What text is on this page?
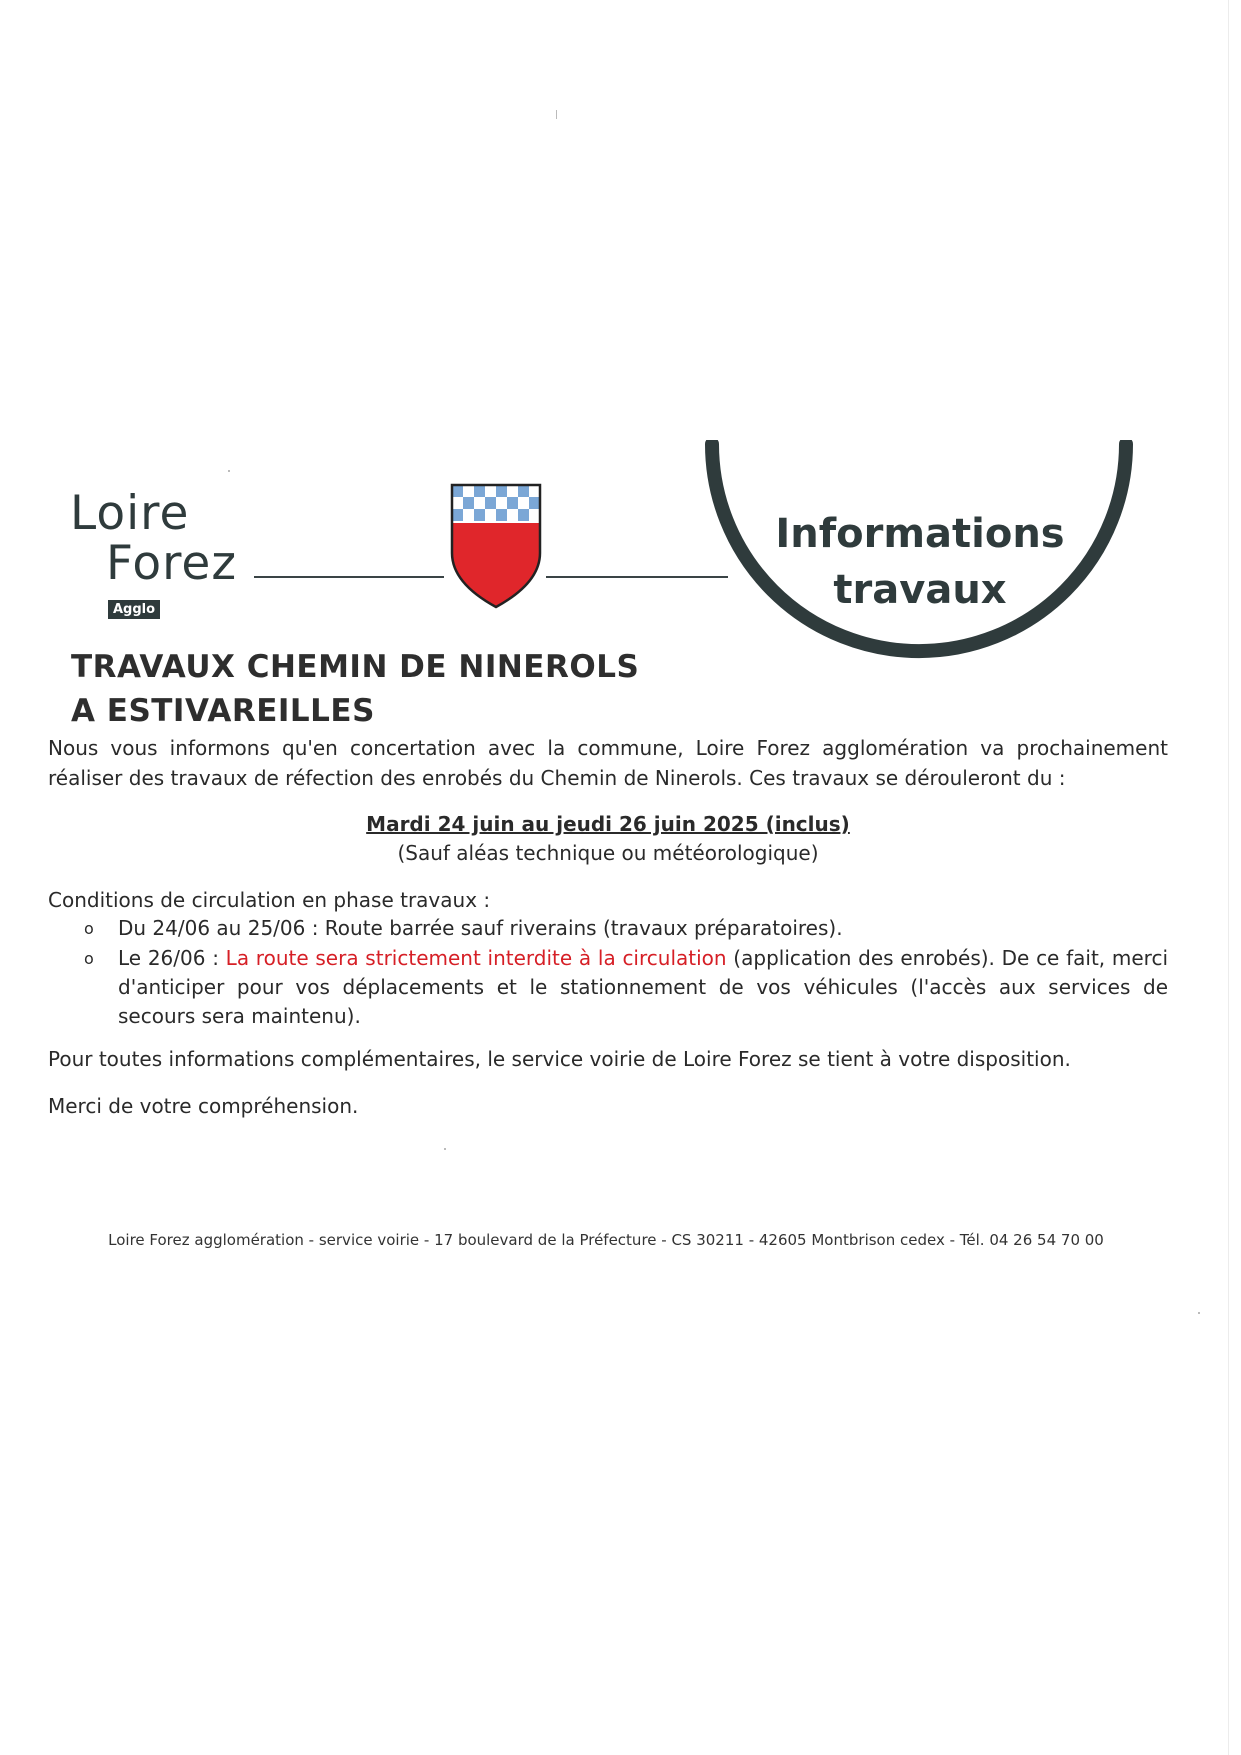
Loire
Forez
Agglo
Informations
travaux
TRAVAUX CHEMIN DE NINEROLS
A ESTIVAREILLES

Nous vous informons qu'en concertation avec la commune, Loire Forez agglomération va prochainement réaliser des travaux de réfection des enrobés du Chemin de Ninerols. Ces travaux se dérouleront du :

Mardi 24 juin au jeudi 26 juin 2025 (inclus)
(Sauf aléas technique ou météorologique)

Conditions de circulation en phase travaux :

o Du 24/06 au 25/06 : Route barrée sauf riverains (travaux préparatoires).
o Le 26/06 : La route sera strictement interdite à la circulation (application des enrobés). De ce fait, merci d'anticiper pour vos déplacements et le stationnement de vos véhicules (l'accès aux services de secours sera maintenu).

Pour toutes informations complémentaires, le service voirie de Loire Forez se tient à votre disposition.

Merci de votre compréhension.

Loire Forez agglomération - service voirie - 17 boulevard de la Préfecture - CS 30211 - 42605 Montbrison cedex - Tél. 04 26 54 70 00
